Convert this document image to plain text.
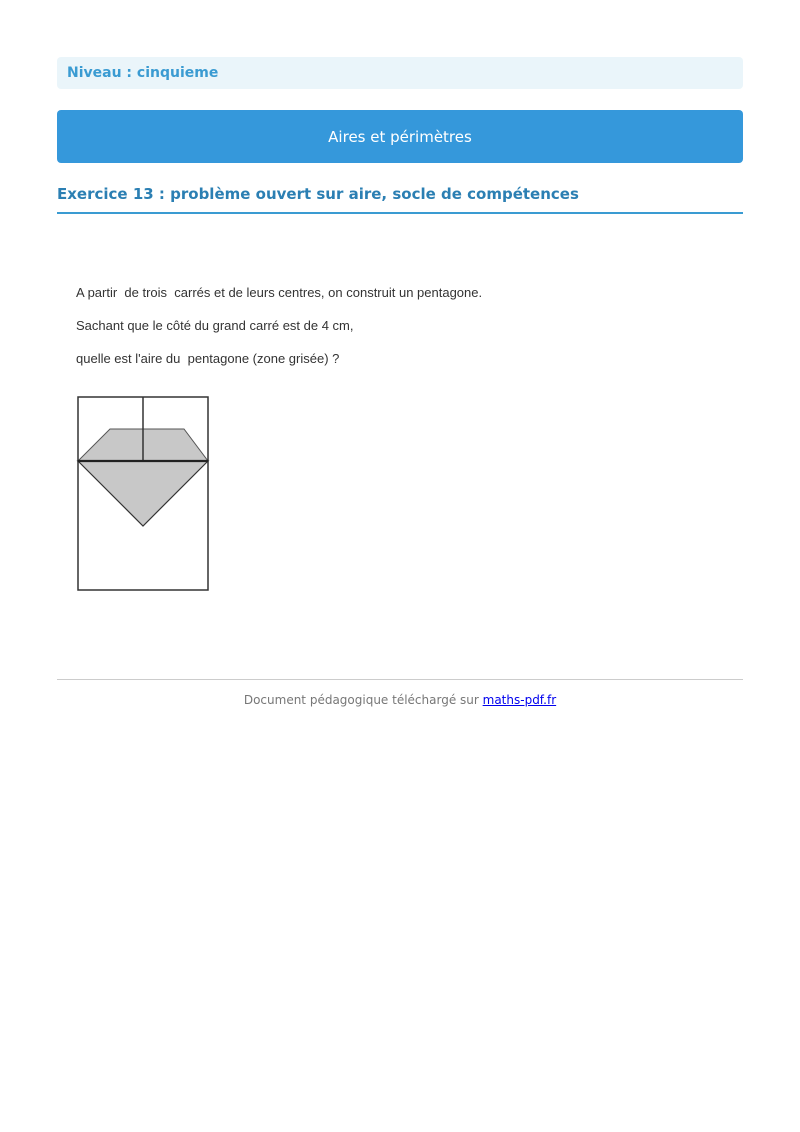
Niveau : cinquieme
Aires et périmètres
Exercice 13 : problème ouvert sur aire, socle de compétences
A partir  de trois  carrés et de leurs centres, on construit un pentagone.
Sachant que le côté du grand carré est de 4 cm,
quelle est l'aire du  pentagone (zone grisée) ?
Document pédagogique téléchargé sur maths-pdf.fr
